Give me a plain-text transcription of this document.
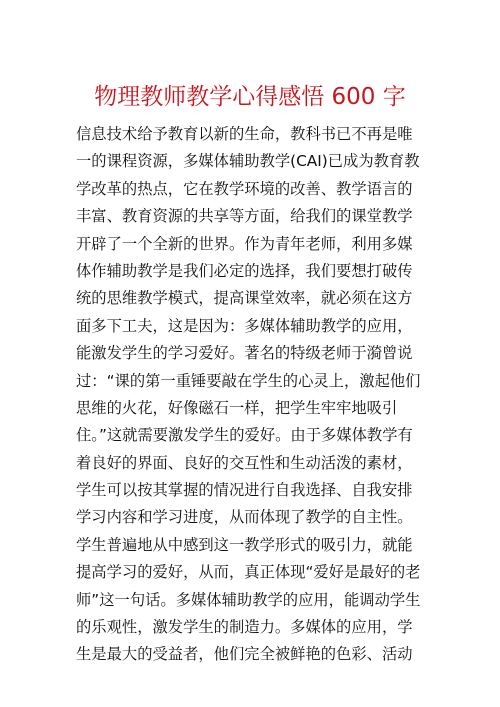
物理教师教学心得感悟 600 字
信息技术给予教育以新的生命，教科书已不再是唯
一的课程资源，多媒体辅助教学(CAI)已成为教育教
学改革的热点，它在教学环境的改善、教学语言的
丰富、教育资源的共享等方面，给我们的课堂教学
开辟了一个全新的世界。作为青年老师，利用多媒
体作辅助教学是我们必定的选择，我们要想打破传
统的思维教学模式，提高课堂效率，就必须在这方
面多下工夫，这是因为：多媒体辅助教学的应用，
能激发学生的学习爱好。著名的特级老师于漪曾说
过：“课的第一重锤要敲在学生的心灵上，激起他们
思维的火花，好像磁石一样，把学生牢牢地吸引
住。”这就需要激发学生的爱好。由于多媒体教学有
着良好的界面、良好的交互性和生动活泼的素材，
学生可以按其掌握的情况进行自我选择、自我安排
学习内容和学习进度，从而体现了教学的自主性。
学生普遍地从中感到这一教学形式的吸引力，就能
提高学习的爱好，从而，真正体现“爱好是最好的老
师”这一句话。多媒体辅助教学的应用，能调动学生
的乐观性，激发学生的制造力。多媒体的应用，学
生是最大的受益者，他们完全被鲜艳的色彩、活动
